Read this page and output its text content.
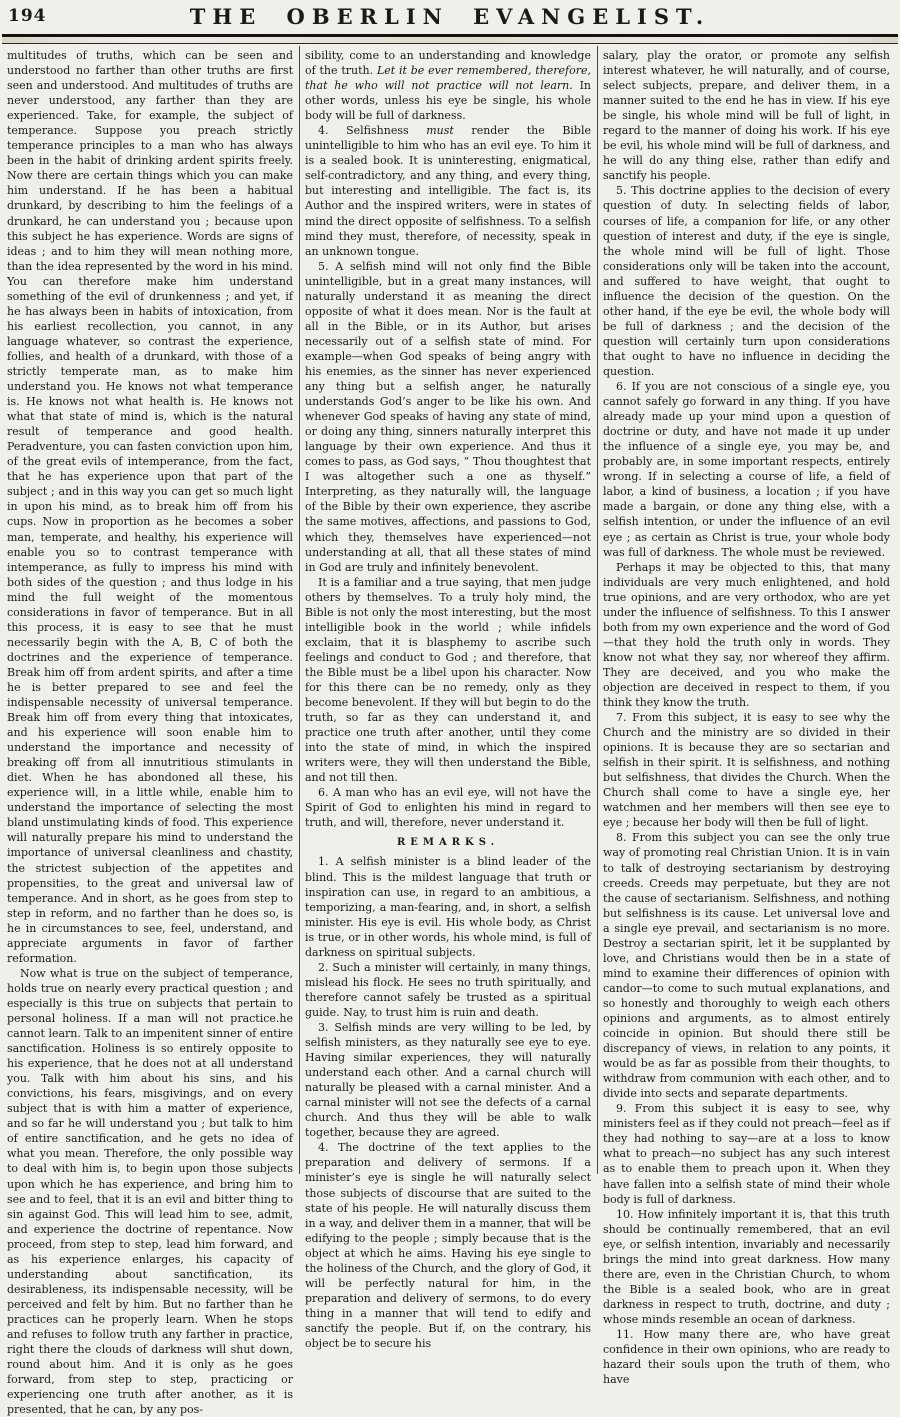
194	THE OBERLIN EVANGELIST.

multitudes of truths, which can be seen and understood no farther than other truths are first seen and understood. And multitudes of truths are never understood, any farther than they are experienced. Take, for example, the subject of temperance. Suppose you preach strictly temperance principles to a man who has always been in the habit of drinking ardent spirits freely. Now there are certain things which you can make him understand. If he has been a habitual drunkard, by describing to him the feelings of a drunkard, he can understand you ; because upon this subject he has experience. Words are signs of ideas ; and to him they will mean nothing more, than the idea represented by the word in his mind. You can therefore make him understand something of the evil of drunkenness ; and yet, if he has always been in habits of intoxication, from his earliest recollection, you cannot, in any language whatever, so contrast the experience, follies, and health of a drunkard, with those of a strictly temperate man, as to make him understand you. He knows not what temperance is. He knows not what health is. He knows not what that state of mind is, which is the natural result of temperance and good health. Peradventure, you can fasten conviction upon him, of the great evils of intemperance, from the fact, that he has experience upon that part of the subject ; and in this way you can get so much light in upon his mind, as to break him off from his cups. Now in proportion as he becomes a sober man, temperate, and healthy, his experience will enable you so to contrast temperance with intemperance, as fully to impress his mind with both sides of the question ; and thus lodge in his mind the full weight of the momentous considerations in favor of temperance. But in all this process, it is easy to see that he must necessarily begin with the A, B, C of both the doctrines and the experience of temperance. Break him off from ardent spirits, and after a time he is better prepared to see and feel the indispensable necessity of universal temperance. Break him off from every thing that intoxicates, and his experience will soon enable him to understand the importance and necessity of breaking off from all innutritious stimulants in diet. When he has abondoned all these, his experience will, in a little while, enable him to understand the importance of selecting the most bland unstimulating kinds of food. This experience will naturally prepare his mind to understand the importance of universal cleanliness and chastity, the strictest subjection of the appetites and propensities, to the great and universal law of temperance. And in short, as he goes from step to step in reform, and no farther than he does so, is he in circumstances to see, feel, understand, and appreciate arguments in favor of farther reformation.

Now what is true on the subject of temperance, holds true on nearly every practical question ; and especially is this true on subjects that pertain to personal holiness. If a man will not practice.he cannot learn. Talk to an impenitent sinner of entire sanctification. Holiness is so entirely opposite to his experience, that he does not at all understand you. Talk with him about his sins, and his convictions, his fears, misgivings, and on every subject that is with him a matter of experience, and so far he will understand you ; but talk to him of entire sanctification, and he gets no idea of what you mean. Therefore, the only possible way to deal with him is, to begin upon those subjects upon which he has experience, and bring him to see and to feel, that it is an evil and bitter thing to sin against God. This will lead him to see, admit, and experience the doctrine of repentance. Now proceed, from step to step, lead him forward, and as his experience enlarges, his capacity of understanding about sanctification, its desirableness, its indispensable necessity, will be perceived and felt by him. But no farther than he practices can he properly learn. When he stops and refuses to follow truth any farther in practice, right there the clouds of darkness will shut down, round about him. And it is only as he goes forward, from step to step, practicing or experiencing one truth after another, as it is presented, that he can, by any pos-

sibility, come to an understanding and knowledge of the truth. Let it be ever remembered, therefore, that he who will not practice will not learn. In other words, unless his eye be single, his whole body will be full of darkness.

4. Selfishness must render the Bible unintelligible to him who has an evil eye. To him it is a sealed book. It is uninteresting, enigmatical, self-contradictory, and any thing, and every thing, but interesting and intelligible. The fact is, its Author and the inspired writers, were in states of mind the direct opposite of selfishness. To a selfish mind they must, therefore, of necessity, speak in an unknown tongue.

5. A selfish mind will not only find the Bible unintelligible, but in a great many instances, will naturally understand it as meaning the direct opposite of what it does mean. Nor is the fault at all in the Bible, or in its Author, but arises necessarily out of a selfish state of mind. For example—when God speaks of being angry with his enemies, as the sinner has never experienced any thing but a selfish anger, he naturally understands God’s anger to be like his own. And whenever God speaks of having any state of mind, or doing any thing, sinners naturally interpret this language by their own experience. And thus it comes to pass, as God says, “ Thou thoughtest that I was altogether such a one as thyself.” Interpreting, as they naturally will, the language of the Bible by their own experience, they ascribe the same motives, affections, and passions to God, which they, themselves have experienced—not understanding at all, that all these states of mind in God are truly and infinitely benevolent.

It is a familiar and a true saying, that men judge others by themselves. To a truly holy mind, the Bible is not only the most interesting, but the most intelligible book in the world ; while infidels exclaim, that it is blasphemy to ascribe such feelings and conduct to God ; and therefore, that the Bible must be a libel upon his character. Now for this there can be no remedy, only as they become benevolent. If they will but begin to do the truth, so far as they can understand it, and practice one truth after another, until they come into the state of mind, in which the inspired writers were, they will then understand the Bible, and not till then.

6. A man who has an evil eye, will not have the Spirit of God to enlighten his mind in regard to truth, and will, therefore, never understand it.

REMARKS.

1. A selfish minister is a blind leader of the blind. This is the mildest language that truth or inspiration can use, in regard to an ambitious, a temporizing, a man-fearing, and, in short, a selfish minister. His eye is evil. His whole body, as Christ is true, or in other words, his whole mind, is full of darkness on spiritual subjects.

2. Such a minister will certainly, in many things, mislead his flock. He sees no truth spiritually, and therefore cannot safely be trusted as a spiritual guide. Nay, to trust him is ruin and death.

3. Selfish minds are very willing to be led, by selfish ministers, as they naturally see eye to eye. Having similar experiences, they will naturally understand each other. And a carnal church will naturally be pleased with a carnal minister. And a carnal minister will not see the defects of a carnal church. And thus they will be able to walk together, because they are agreed.

4. The doctrine of the text applies to the preparation and delivery of sermons. If a minister’s eye is single he will naturally select those subjects of discourse that are suited to the state of his people. He will naturally discuss them in a way, and deliver them in a manner, that will be edifying to the people ; simply because that is the object at which he aims. Having his eye single to the holiness of the Church, and the glory of God, it will be perfectly natural for him, in the preparation and delivery of sermons, to do every thing in a manner that will tend to edify and sanctify the people. But if, on the contrary, his object be to secure his

salary, play the orator, or promote any selfish interest whatever, he will naturally, and of course, select subjects, prepare, and deliver them, in a manner suited to the end he has in view. If his eye be single, his whole mind will be full of light, in regard to the manner of doing his work. If his eye be evil, his whole mind will be full of darkness, and he will do any thing else, rather than edify and sanctify his people.

5. This doctrine applies to the decision of every question of duty. In selecting fields of labor, courses of life, a companion for life, or any other question of interest and duty, if the eye is single, the whole mind will be full of light. Those considerations only will be taken into the account, and suffered to have weight, that ought to influence the decision of the question. On the other hand, if the eye be evil, the whole body will be full of darkness ; and the decision of the question will certainly turn upon considerations that ought to have no influence in deciding the question.

6. If you are not conscious of a single eye, you cannot safely go forward in any thing. If you have already made up your mind upon a question of doctrine or duty, and have not made it up under the influence of a single eye, you may be, and probably are, in some important respects, entirely wrong. If in selecting a course of life, a field of labor, a kind of business, a location ; if you have made a bargain, or done any thing else, with a selfish intention, or under the influence of an evil eye ; as certain as Christ is true, your whole body was full of darkness. The whole must be reviewed.

Perhaps it may be objected to this, that many individuals are very much enlightened, and hold true opinions, and are very orthodox, who are yet under the influence of selfishness. To this I answer both from my own experience and the word of God—that they hold the truth only in words. They know not what they say, nor whereof they affirm. They are deceived, and you who make the objection are deceived in respect to them, if you think they know the truth.

7. From this subject, it is easy to see why the Church and the ministry are so divided in their opinions. It is because they are so sectarian and selfish in their spirit. It is selfishness, and nothing but selfishness, that divides the Church. When the Church shall come to have a single eye, her watchmen and her members will then see eye to eye ; because her body will then be full of light.

8. From this subject you can see the only true way of promoting real Christian Union. It is in vain to talk of destroying sectarianism by destroying creeds. Creeds may perpetuate, but they are not the cause of sectarianism. Selfishness, and nothing but selfishness is its cause. Let universal love and a single eye prevail, and sectarianism is no more. Destroy a sectarian spirit, let it be supplanted by love, and Christians would then be in a state of mind to examine their differences of opinion with candor—to come to such mutual explanations, and so honestly and thoroughly to weigh each others opinions and arguments, as to almost entirely coincide in opinion. But should there still be discrepancy of views, in relation to any points, it would be as far as possible from their thoughts, to withdraw from communion with each other, and to divide into sects and separate departments.

9. From this subject it is easy to see, why ministers feel as if they could not preach—feel as if they had nothing to say—are at a loss to know what to preach—no subject has any such interest as to enable them to preach upon it. When they have fallen into a selfish state of mind their whole body is full of darkness.

10. How infinitely important it is, that this truth should be continually remembered, that an evil eye, or selfish intention, invariably and necessarily brings the mind into great darkness. How many there are, even in the Christian Church, to whom the Bible is a sealed book, who are in great darkness in respect to truth, doctrine, and duty ; whose minds resemble an ocean of darkness.

11. How many there are, who have great confidence in their own opinions, who are ready to hazard their souls upon the truth of them, who have
